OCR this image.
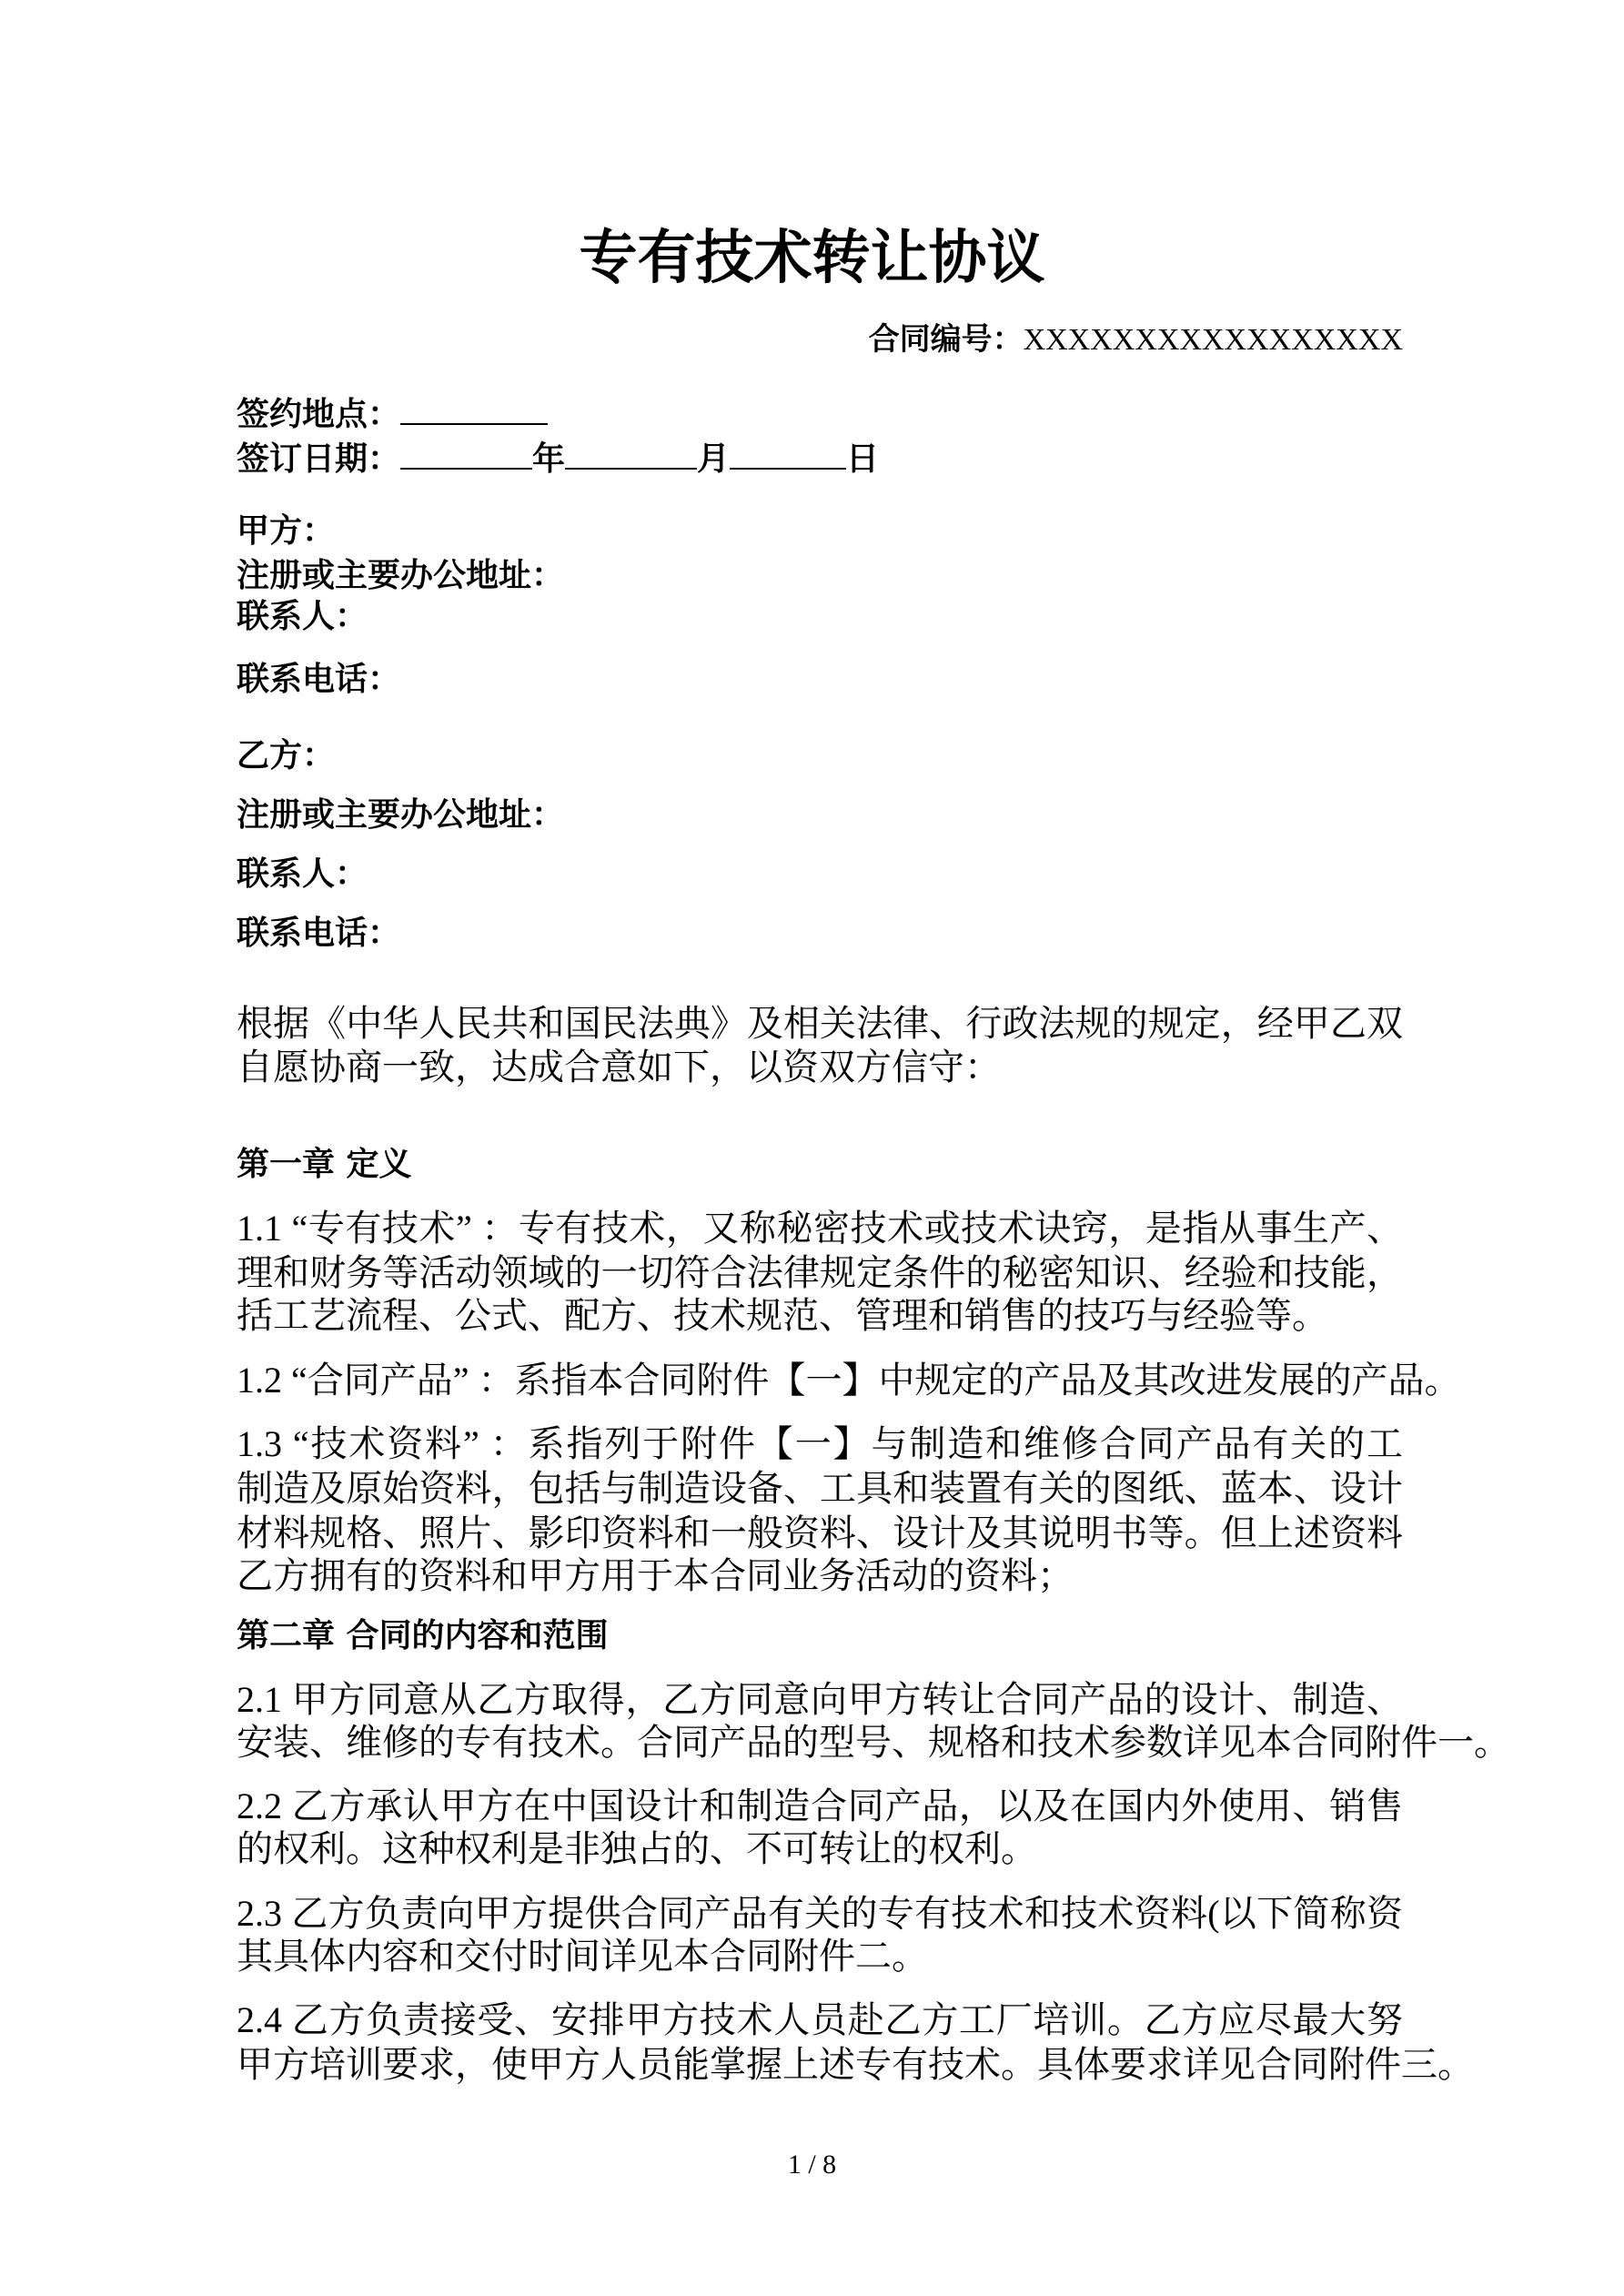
专有技术转让协议
合同编号：XXXXXXXXXXXXXXXXX
签约地点：
签订日期：	年	月	日
甲方：
注册或主要办公地址：
联系人：
联系电话：
乙方：
注册或主要办公地址：
联系人：
联系电话：
根据《中华人民共和国民法典》及相关法律、行政法规的规定，经甲乙双
自愿协商一致，达成合意如下，以资双方信守：
第一章 定义
1.1 “专有技术” ：专有技术，又称秘密技术或技术诀窍，是指从事生产、
理和财务等活动领域的一切符合法律规定条件的秘密知识、经验和技能，
括工艺流程、公式、配方、技术规范、管理和销售的技巧与经验等。
1.2 “合同产品” ：系指本合同附件【一】中规定的产品及其改进发展的产品。
1.3 “技术资料” ：系指列于附件【一】与制造和维修合同产品有关的工
制造及原始资料，包括与制造设备、工具和装置有关的图纸、蓝本、设计
材料规格、照片、影印资料和一般资料、设计及其说明书等。但上述资料
乙方拥有的资料和甲方用于本合同业务活动的资料；
第二章 合同的内容和范围
2.1 甲方同意从乙方取得，乙方同意向甲方转让合同产品的设计、制造、
安装、维修的专有技术。合同产品的型号、规格和技术参数详见本合同附件一。
2.2 乙方承认甲方在中国设计和制造合同产品，以及在国内外使用、销售
的权利。这种权利是非独占的、不可转让的权利。
2.3 乙方负责向甲方提供合同产品有关的专有技术和技术资料(以下简称资
其具体内容和交付时间详见本合同附件二。
2.4 乙方负责接受、安排甲方技术人员赴乙方工厂培训。乙方应尽最大努
甲方培训要求，使甲方人员能掌握上述专有技术。具体要求详见合同附件三。
1 / 8
